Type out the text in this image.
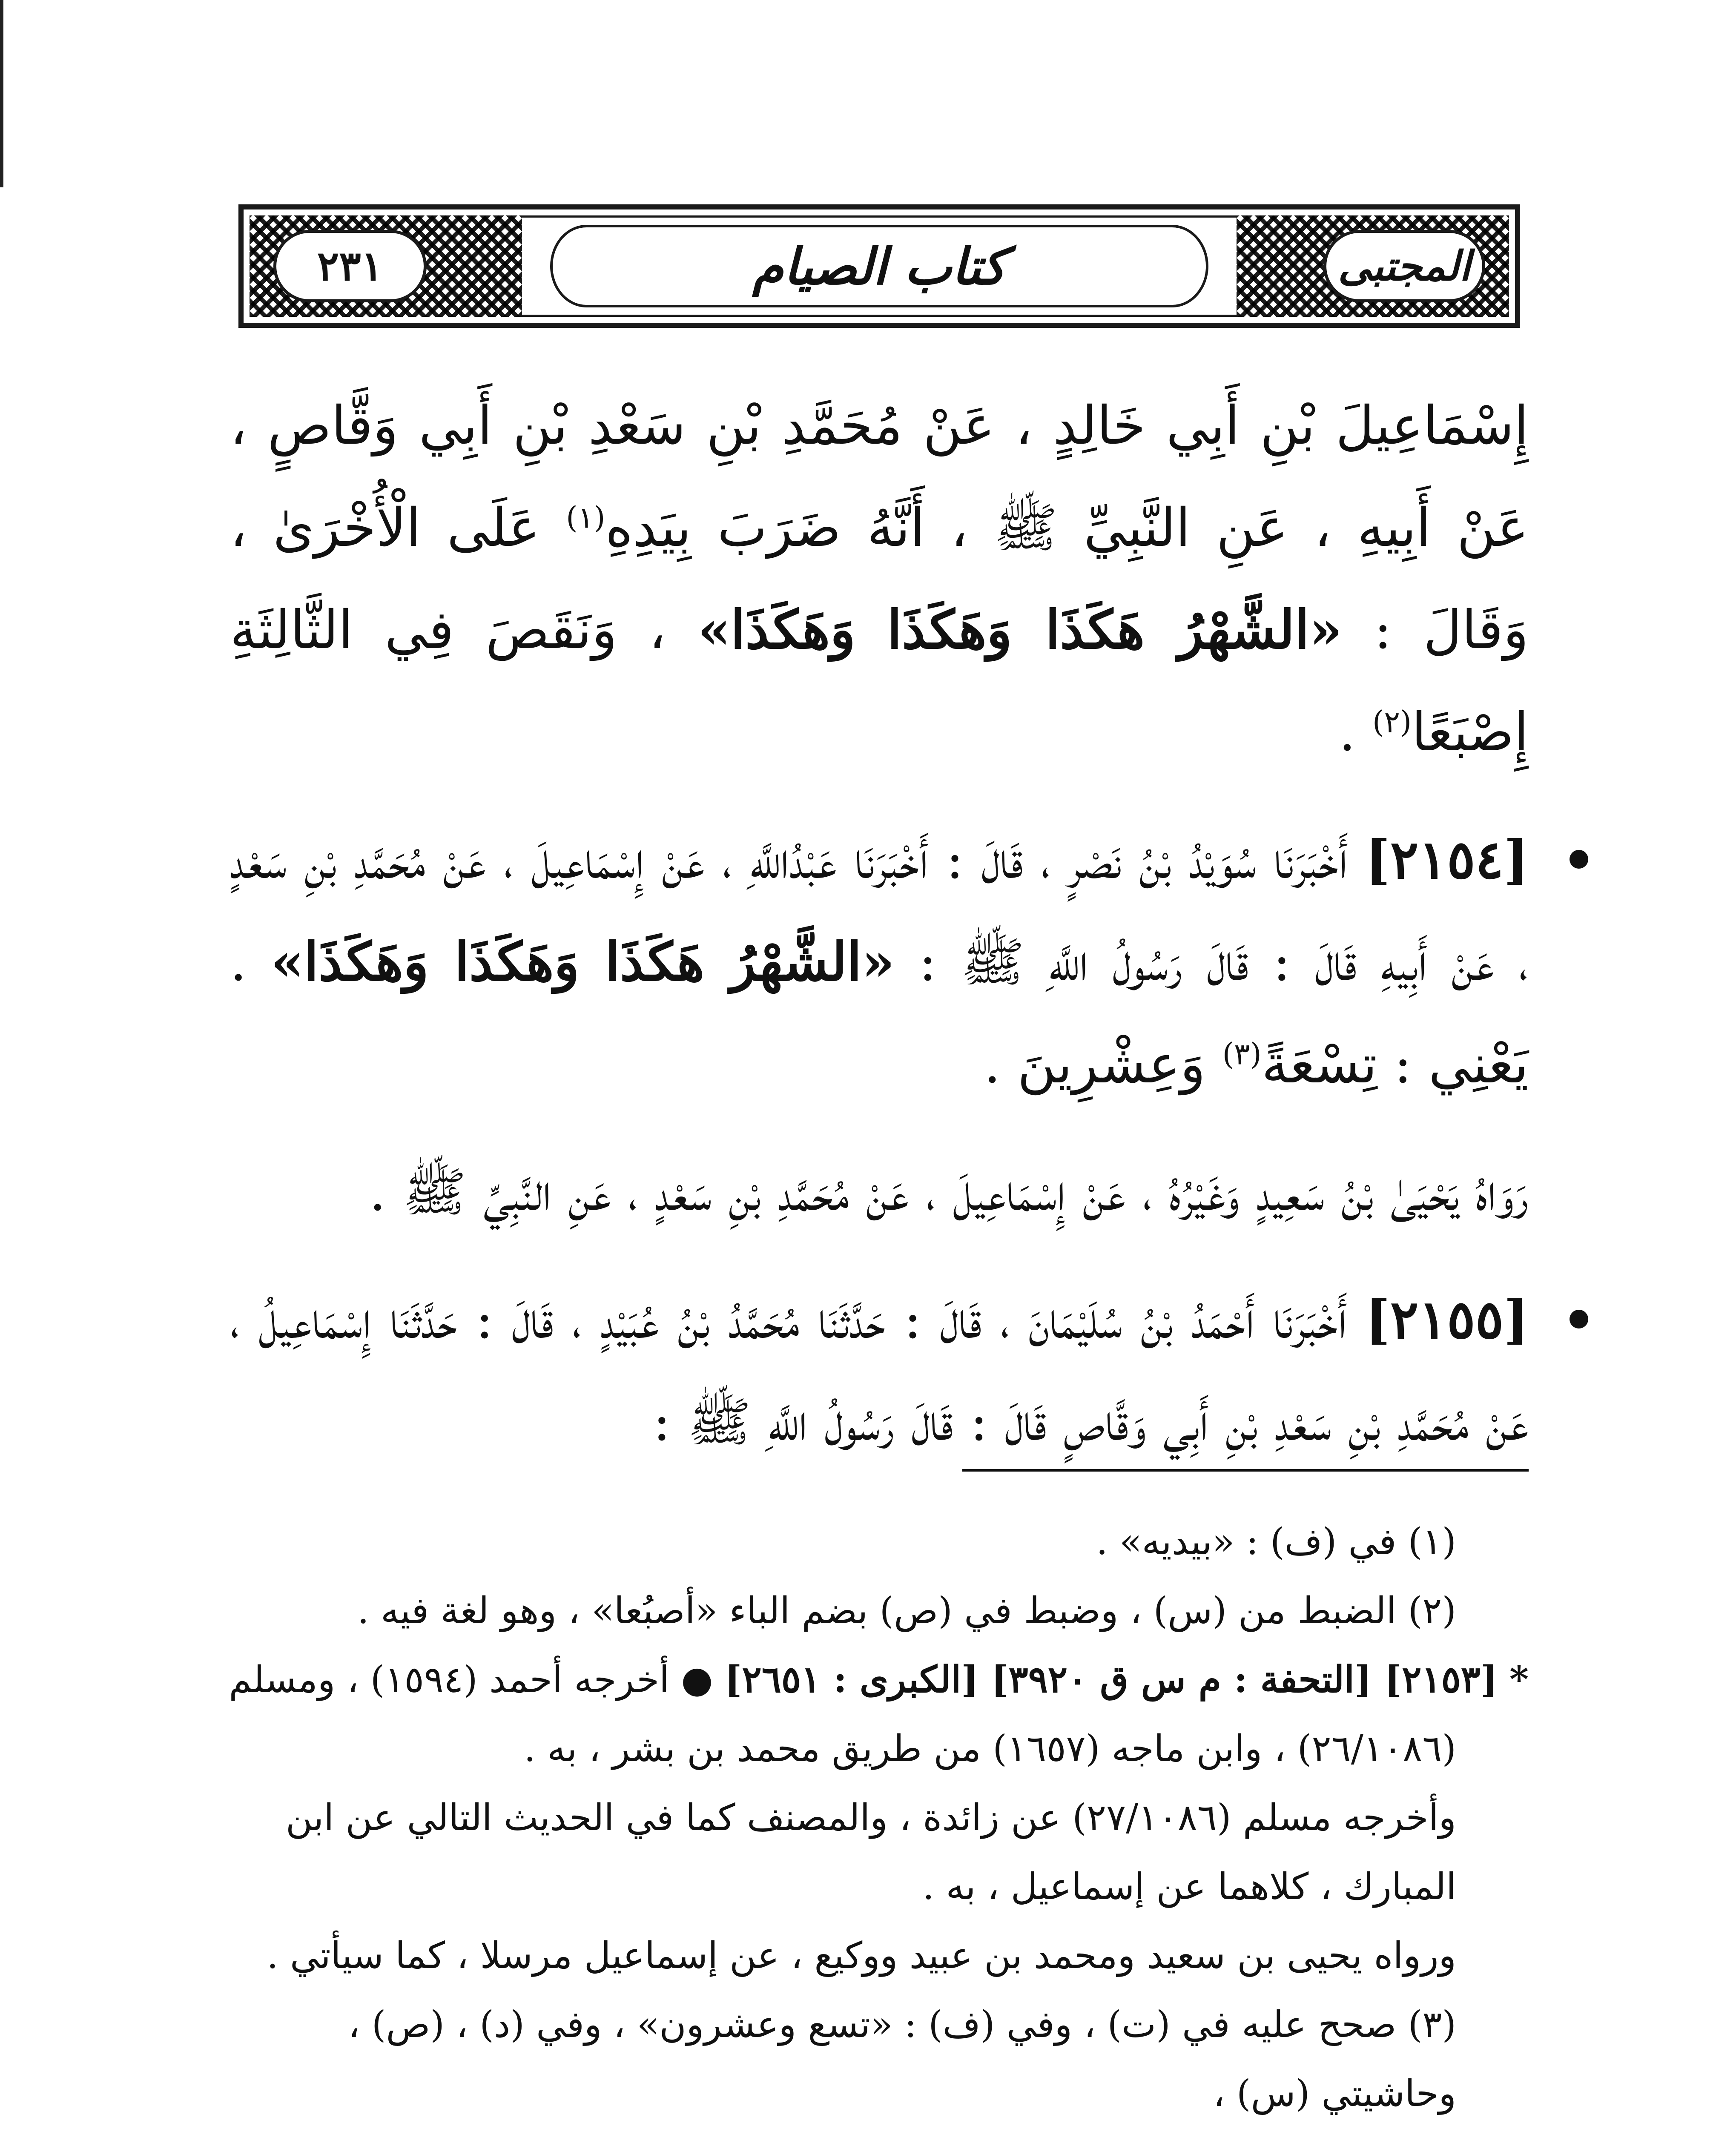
٢٣١	المجتبى
كتاب الصيام

إِسْمَاعِيلَ بْنِ أَبِي خَالِدٍ ، عَنْ مُحَمَّدِ بْنِ سَعْدِ بْنِ أَبِي وَقَّاصٍ ، عَنْ أَبِيهِ ، عَنِ النَّبِيِّ ﷺ ، أَنَّهُ ضَرَبَ بِيَدِهِ$^{(١)}$ عَلَى الْأُخْرَىٰ ، وَقَالَ : «الشَّهْرُ هَكَذَا وَهَكَذَا وَهَكَذَا» ، وَنَقَصَ فِي الثَّالِثَةِ إِصْبَعًا$^{(٢)}$ .

[٢١٥٤] أَخْبَرَنَا سُوَيْدُ بْنُ نَصْرٍ ، قَالَ : أَخْبَرَنَا عَبْدُاللَّهِ ، عَنْ إِسْمَاعِيلَ ، عَنْ مُحَمَّدِ بْنِ سَعْدٍ ، عَنْ أَبِيهِ قَالَ : قَالَ رَسُولُ اللَّهِ ﷺ : «الشَّهْرُ هَكَذَا وَهَكَذَا وَهَكَذَا» . يَعْنِي : تِسْعَةً$^{(٣)}$ وَعِشْرِينَ .

رَوَاهُ يَحْيَىٰ بْنُ سَعِيدٍ وَغَيْرُهُ ، عَنْ إِسْمَاعِيلَ ، عَنْ مُحَمَّدِ بْنِ سَعْدٍ ، عَنِ النَّبِيِّ ﷺ .

[٢١٥٥] أَخْبَرَنَا أَحْمَدُ بْنُ سُلَيْمَانَ ، قَالَ : حَدَّثَنَا مُحَمَّدُ بْنُ عُبَيْدٍ ، قَالَ : حَدَّثَنَا إِسْمَاعِيلُ ، عَنْ مُحَمَّدِ بْنِ سَعْدِ بْنِ أَبِي وَقَّاصٍ قَالَ : قَالَ رَسُولُ اللَّهِ ﷺ :

(١) في (ف) : «بيديه» .

(٢) الضبط من (س) ، وضبط في (ص) بضم الباء «أصبُعا» ، وهو لغة فيه .

* [٢١٥٣] [التحفة : م س ق ٣٩٢٠] [الكبرى : ٢٦٥١] ● أخرجه أحمد (١٥٩٤) ، ومسلم

(٢٦/١٠٨٦) ، وابن ماجه (١٦٥٧) من طريق محمد بن بشر ، به .

وأخرجه مسلم (٢٧/١٠٨٦) عن زائدة ، والمصنف كما في الحديث التالي عن ابن المبارك ، كلاهما عن إسماعيل ، به .

ورواه يحيى بن سعيد ومحمد بن عبيد ووكيع ، عن إسماعيل مرسلا ، كما سيأتي .

(٣) صحح عليه في (ت) ، وفي (ف) : «تسع وعشرون» ، وفي (د) ، (ص) ، وحاشيتي (س) ،
